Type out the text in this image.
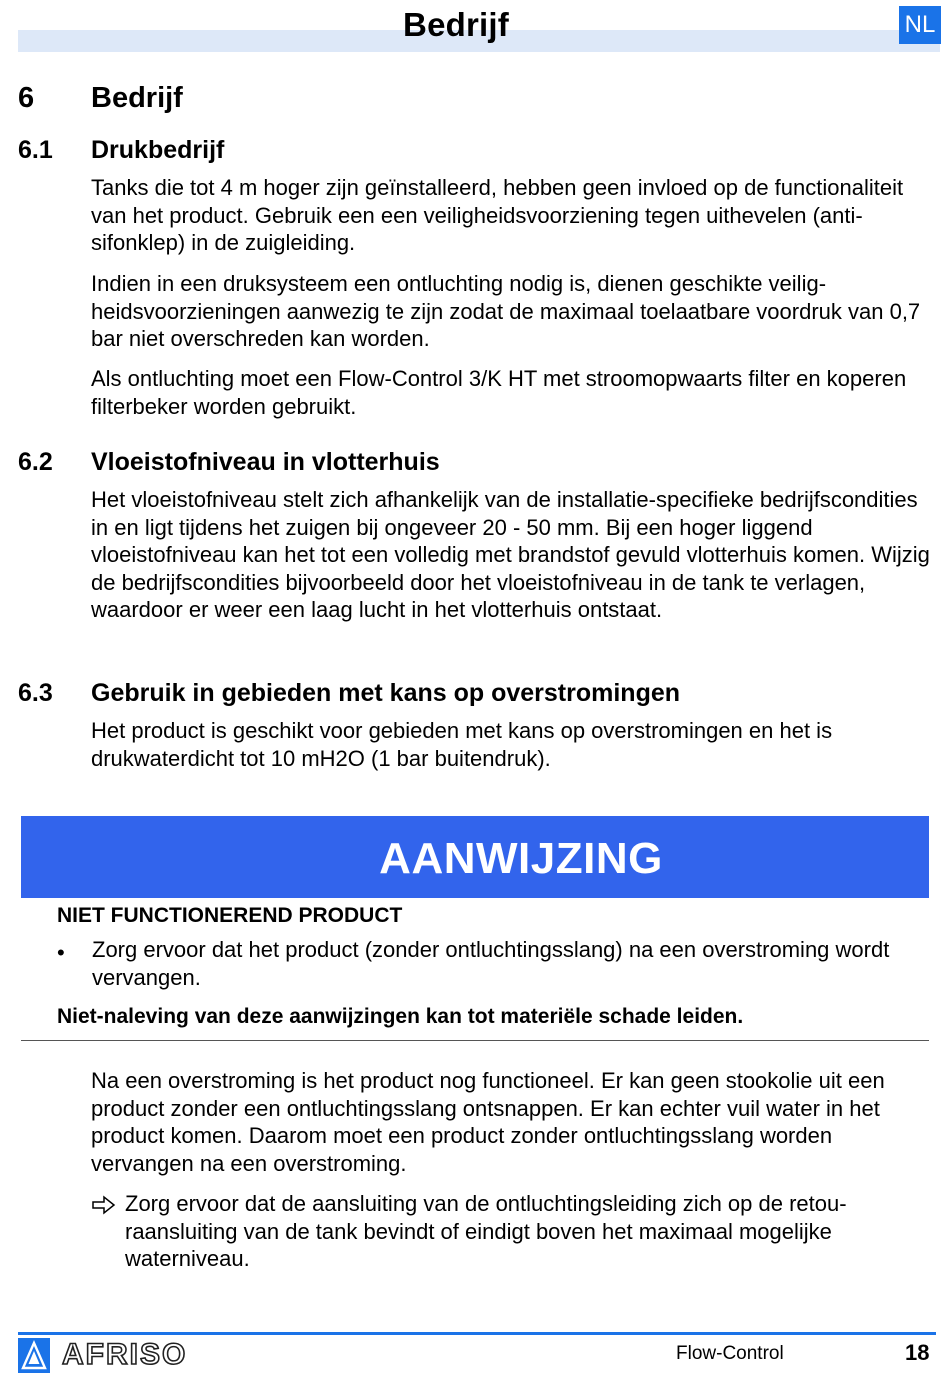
Bedrijf	NL
6 Bedrijf
6.1 Drukbedrijf
Tanks die tot 4 m hoger zijn geïnstalleerd, hebben geen invloed op de functionaliteit van het product. Gebruik een een veiligheidsvoorziening tegen uithevelen (anti-sifonklep) in de zuigleiding.
Indien in een druksysteem een ontluchting nodig is, dienen geschikte veiligheidsvoorzieningen aanwezig te zijn zodat de maximaal toelaatbare voordruk van 0,7 bar niet overschreden kan worden.
Als ontluchting moet een Flow-Control 3/K HT met stroomopwaarts filter en koperen filterbeker worden gebruikt.
6.2 Vloeistofniveau in vlotterhuis
Het vloeistofniveau stelt zich afhankelijk van de installatie-specifieke bedrijfscondities in en ligt tijdens het zuigen bij ongeveer 20 - 50 mm. Bij een hoger liggend vloeistofniveau kan het tot een volledig met brandstof gevuld vlotterhuis komen. Wijzig de bedrijfscondities bijvoorbeeld door het vloeistofniveau in de tank te verlagen, waardoor er weer een laag lucht in het vlotterhuis ontstaat.
6.3 Gebruik in gebieden met kans op overstromingen
Het product is geschikt voor gebieden met kans op overstromingen en het is drukwaterdicht tot 10 mH2O (1 bar buitendruk).
AANWIJZING
NIET FUNCTIONEREND PRODUCT
• Zorg ervoor dat het product (zonder ontluchtingsslang) na een overstroming wordt vervangen.
Niet-naleving van deze aanwijzingen kan tot materiële schade leiden.
Na een overstroming is het product nog functioneel. Er kan geen stookolie uit een product zonder een ontluchtingsslang ontsnappen. Er kan echter vuil water in het product komen. Daarom moet een product zonder ontluchtingsslang worden vervangen na een overstroming.
Zorg ervoor dat de aansluiting van de ontluchtingsleiding zich op de retouraansluiting van de tank bevindt of eindigt boven het maximaal mogelijke waterniveau.
AFRISO	Flow-Control	18
